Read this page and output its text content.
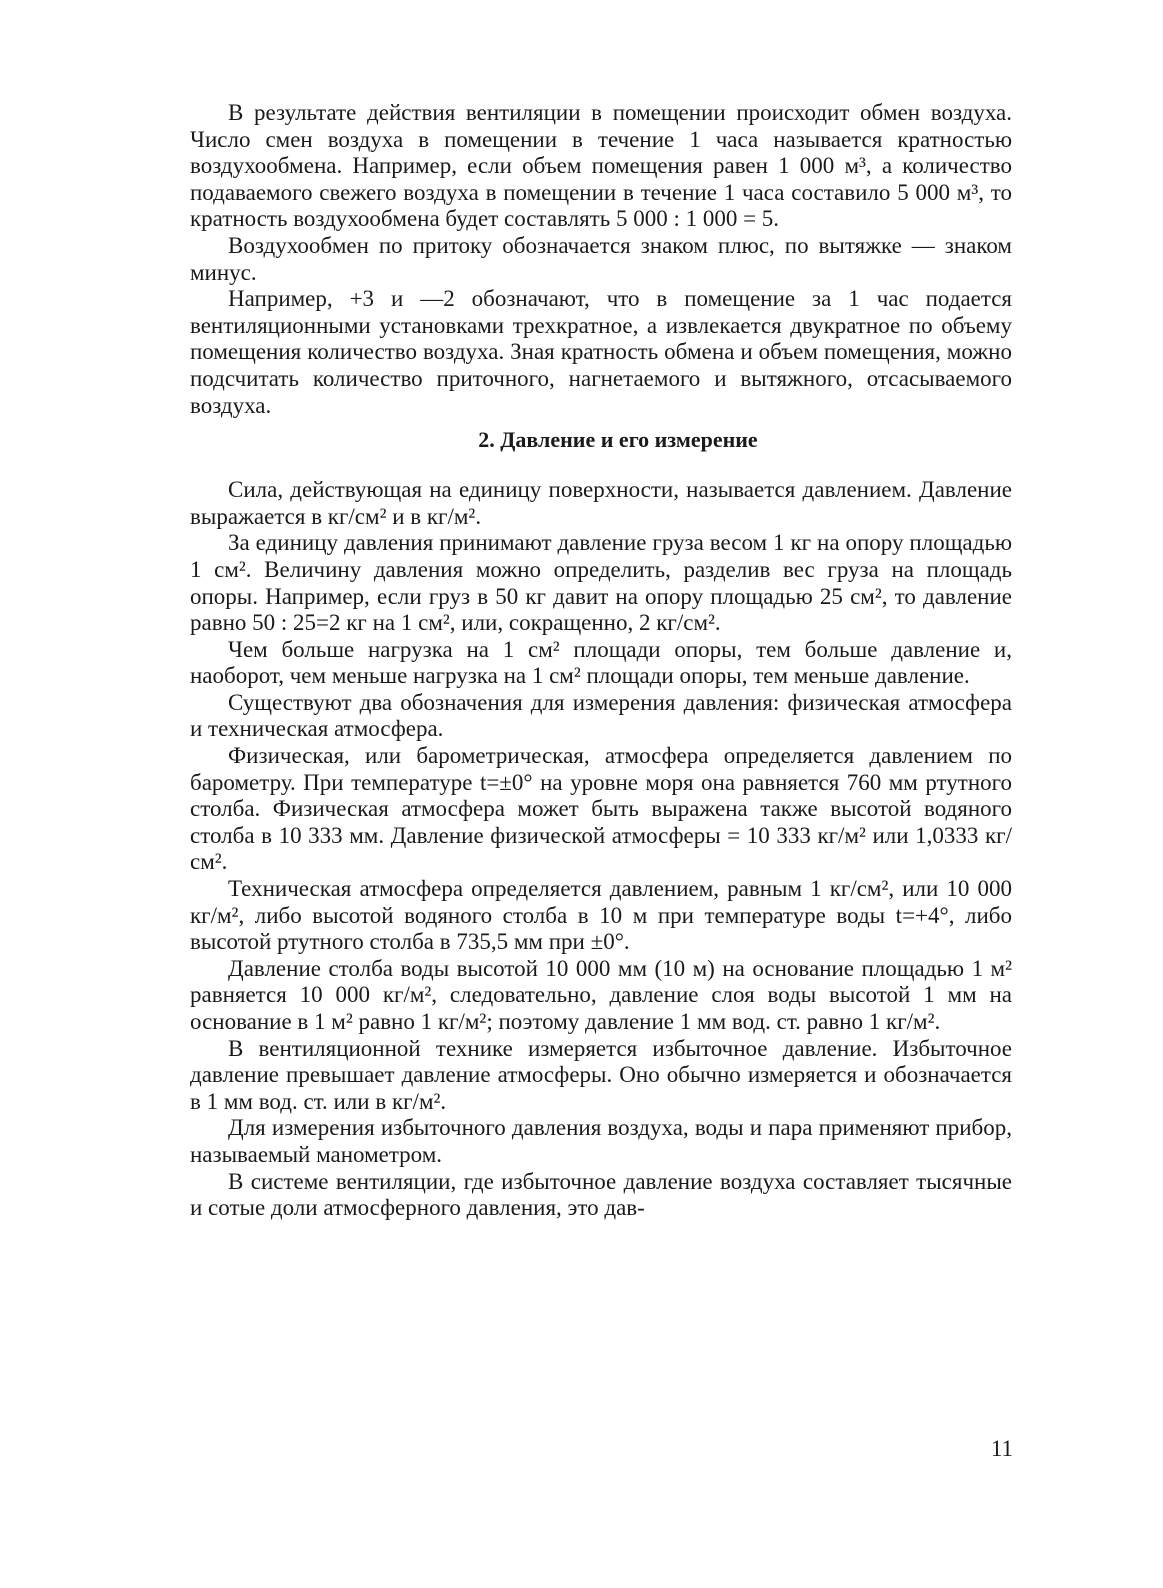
В результате действия вентиляции в помещении происходит обмен воздуха. Число смен воздуха в помещении в течение 1 часа называется кратностью воздухообмена. Например, если объем помещения равен 1 000 м³, а количество подаваемого свежего воздуха в помещении в течение 1 часа составило 5 000 м³, то кратность воздухообмена будет составлять 5 000 : 1 000 = 5.

Воздухообмен по притоку обозначается знаком плюс, по вытяжке — знаком минус.

Например, +3 и —2 обозначают, что в помещение за 1 час подается вентиляционными установками трехкратное, а извлекается двукратное по объему помещения количество воздуха. Зная кратность обмена и объем помещения, можно подсчитать количество приточного, нагнетаемого и вытяжного, отсасываемого воздуха.

2. Давление и его измерение

Сила, действующая на единицу поверхности, называется давлением. Давление выражается в кг/см² и в кг/м².

За единицу давления принимают давление груза весом 1 кг на опору площадью 1 см². Величину давления можно определить, разделив вес груза на площадь опоры. Например, если груз в 50 кг давит на опору площадью 25 см², то давление равно 50 : 25=2 кг на 1 см², или, сокращенно, 2 кг/см².

Чем больше нагрузка на 1 см² площади опоры, тем больше давление и, наоборот, чем меньше нагрузка на 1 см² площади опоры, тем меньше давление.

Существуют два обозначения для измерения давления: физическая атмосфера и техническая атмосфера.

Физическая, или барометрическая, атмосфера определяется давлением по барометру. При температуре t=±0° на уровне моря она равняется 760 мм ртутного столба. Физическая атмосфера может быть выражена также высотой водяного столба в 10 333 мм. Давление физической атмосферы = 10 333 кг/м² или 1,0333 кг/см².

Техническая атмосфера определяется давлением, равным 1 кг/см², или 10 000 кг/м², либо высотой водяного столба в 10 м при температуре воды t=+4°, либо высотой ртутного столба в 735,5 мм при ±0°.

Давление столба воды высотой 10 000 мм (10 м) на основание площадью 1 м² равняется 10 000 кг/м², следовательно, давление слоя воды высотой 1 мм на основание в 1 м² равно 1 кг/м²; поэтому давление 1 мм вод. ст. равно 1 кг/м².

В вентиляционной технике измеряется избыточное давление. Избыточное давление превышает давление атмосферы. Оно обычно измеряется и обозначается в 1 мм вод. ст. или в кг/м².

Для измерения избыточного давления воздуха, воды и пара применяют прибор, называемый манометром.

В системе вентиляции, где избыточное давление воздуха составляет тысячные и сотые доли атмосферного давления, это дав-

11
